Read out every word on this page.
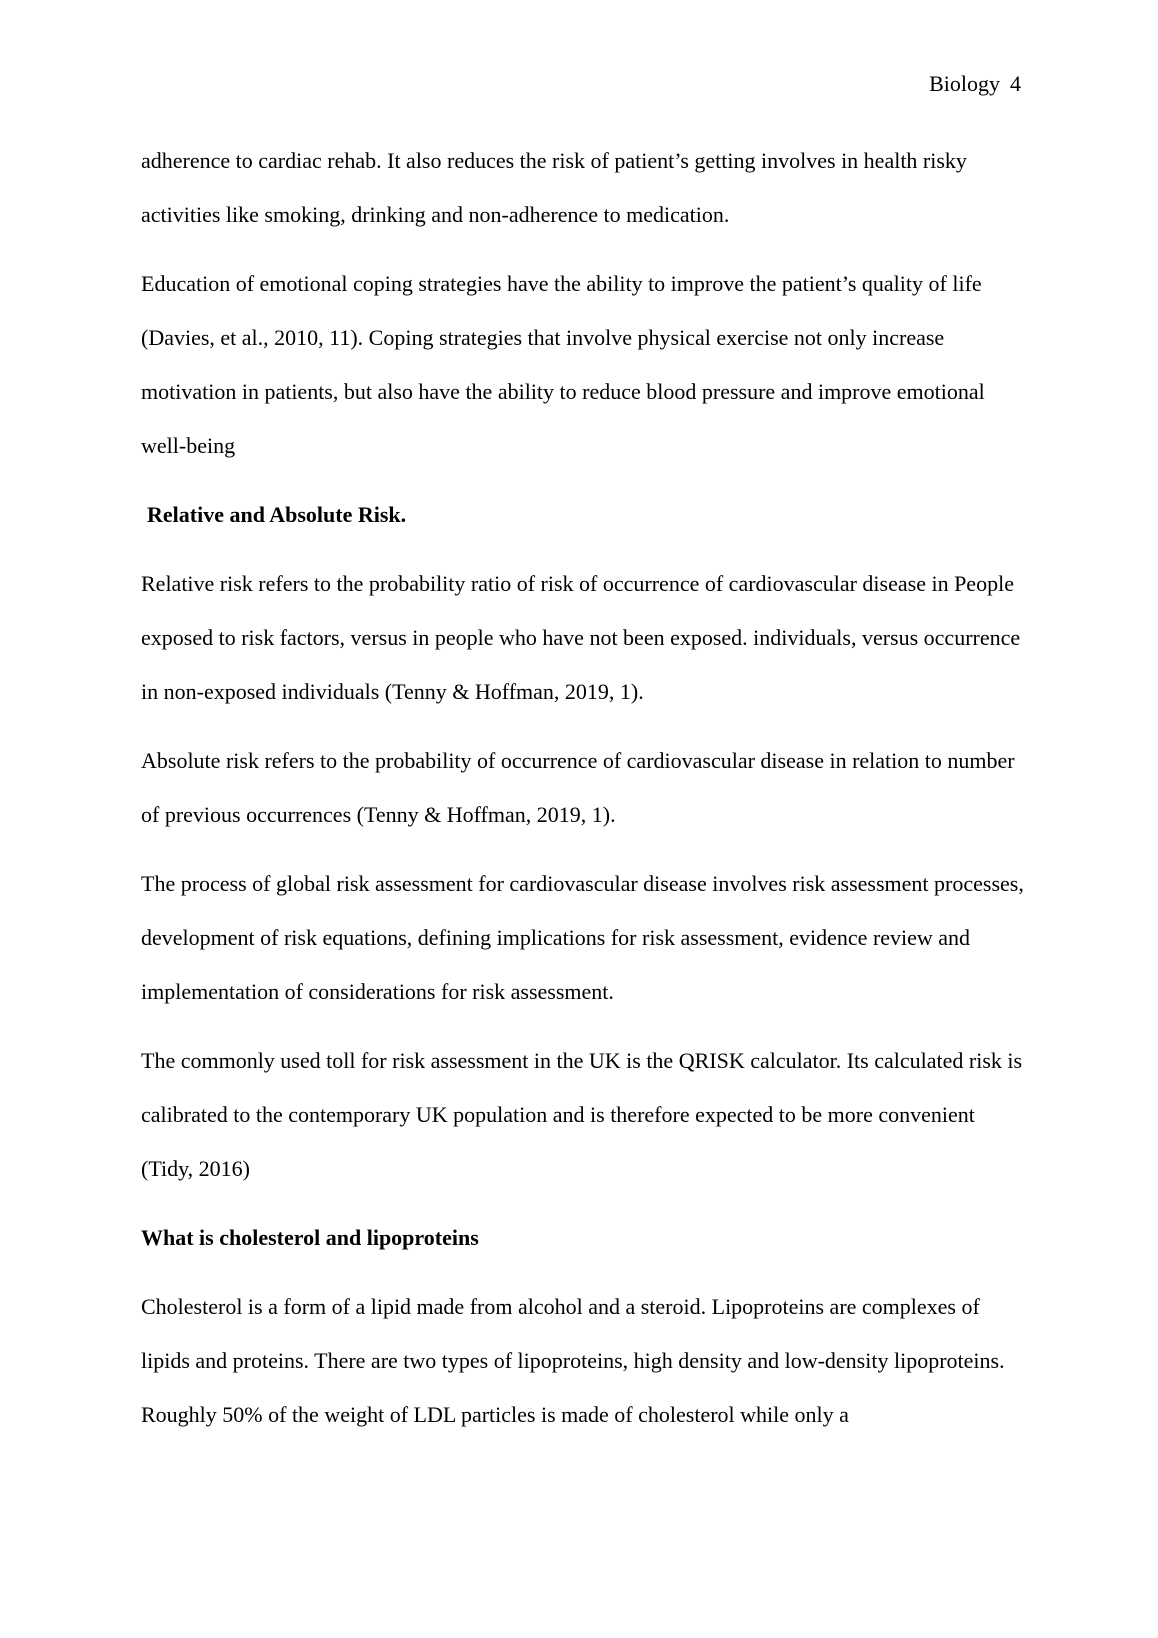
Biology 4

adherence to cardiac rehab. It also reduces the risk of patient’s getting involves in health risky activities like smoking, drinking and non-adherence to medication.

Education of emotional coping strategies have the ability to improve the patient’s quality of life (Davies, et al., 2010, 11). Coping strategies that involve physical exercise not only increase motivation in patients, but also have the ability to reduce blood pressure and improve emotional well-being

Relative and Absolute Risk.

Relative risk refers to the probability ratio of risk of occurrence of cardiovascular disease in People exposed to risk factors, versus in people who have not been exposed. individuals, versus occurrence in non-exposed individuals (Tenny & Hoffman, 2019, 1).

Absolute risk refers to the probability of occurrence of cardiovascular disease in relation to number of previous occurrences (Tenny & Hoffman, 2019, 1).

The process of global risk assessment for cardiovascular disease involves risk assessment processes, development of risk equations, defining implications for risk assessment, evidence review and implementation of considerations for risk assessment.

The commonly used toll for risk assessment in the UK is the QRISK calculator. Its calculated risk is calibrated to the contemporary UK population and is therefore expected to be more convenient (Tidy, 2016)

What is cholesterol and lipoproteins

Cholesterol is a form of a lipid made from alcohol and a steroid. Lipoproteins are complexes of lipids and proteins. There are two types of lipoproteins, high density and low-density lipoproteins. Roughly 50% of the weight of LDL particles is made of cholesterol while only a
